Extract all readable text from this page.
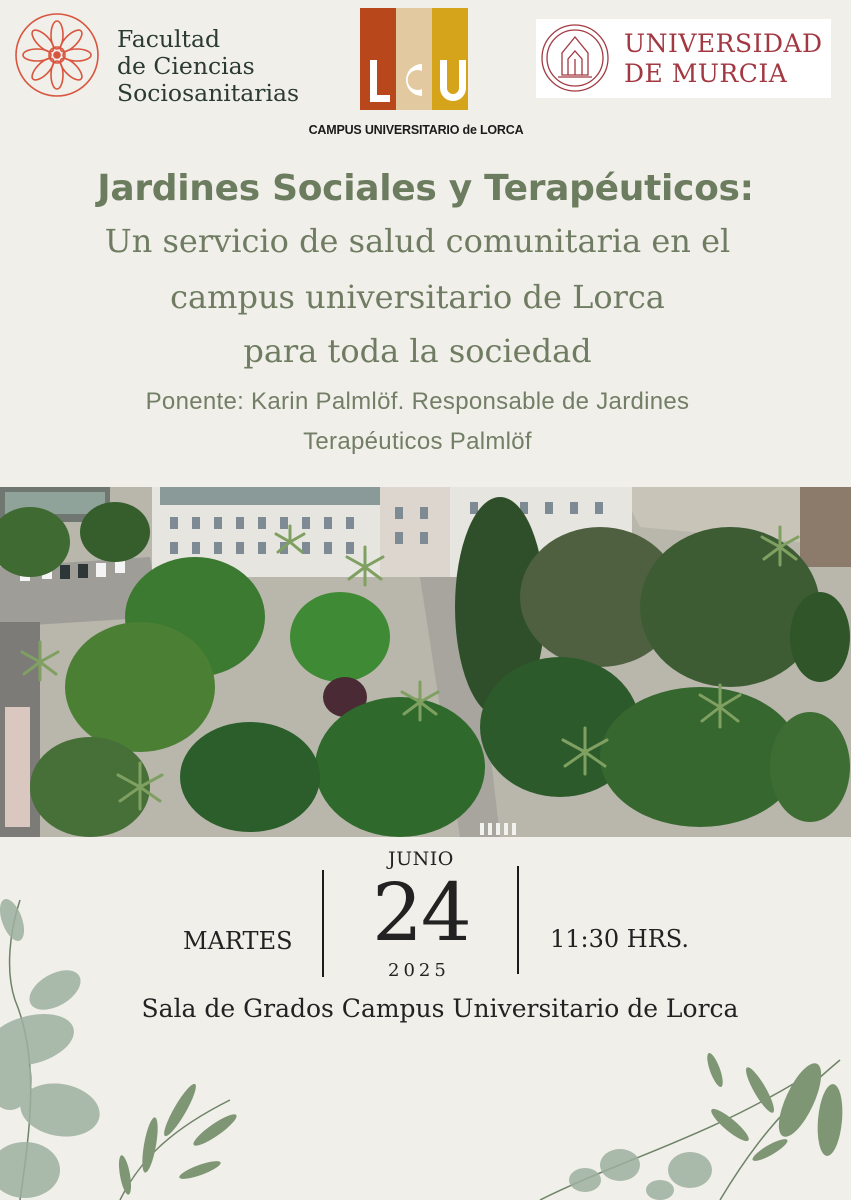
Facultad
de Ciencias
Sociosanitarias
CAMPUS UNIVERSITARIO de LORCA
UNIVERSIDAD
DE MURCIA
Jardines Sociales y Terapéuticos:
Un servicio de salud comunitaria en el
campus universitario de Lorca
para toda la sociedad
Ponente: Karin Palmlöf. Responsable de Jardines
Terapéuticos Palmlöf
JUNIO
24
2025
MARTES	11:30 HRS.
Sala de Grados Campus Universitario de Lorca
